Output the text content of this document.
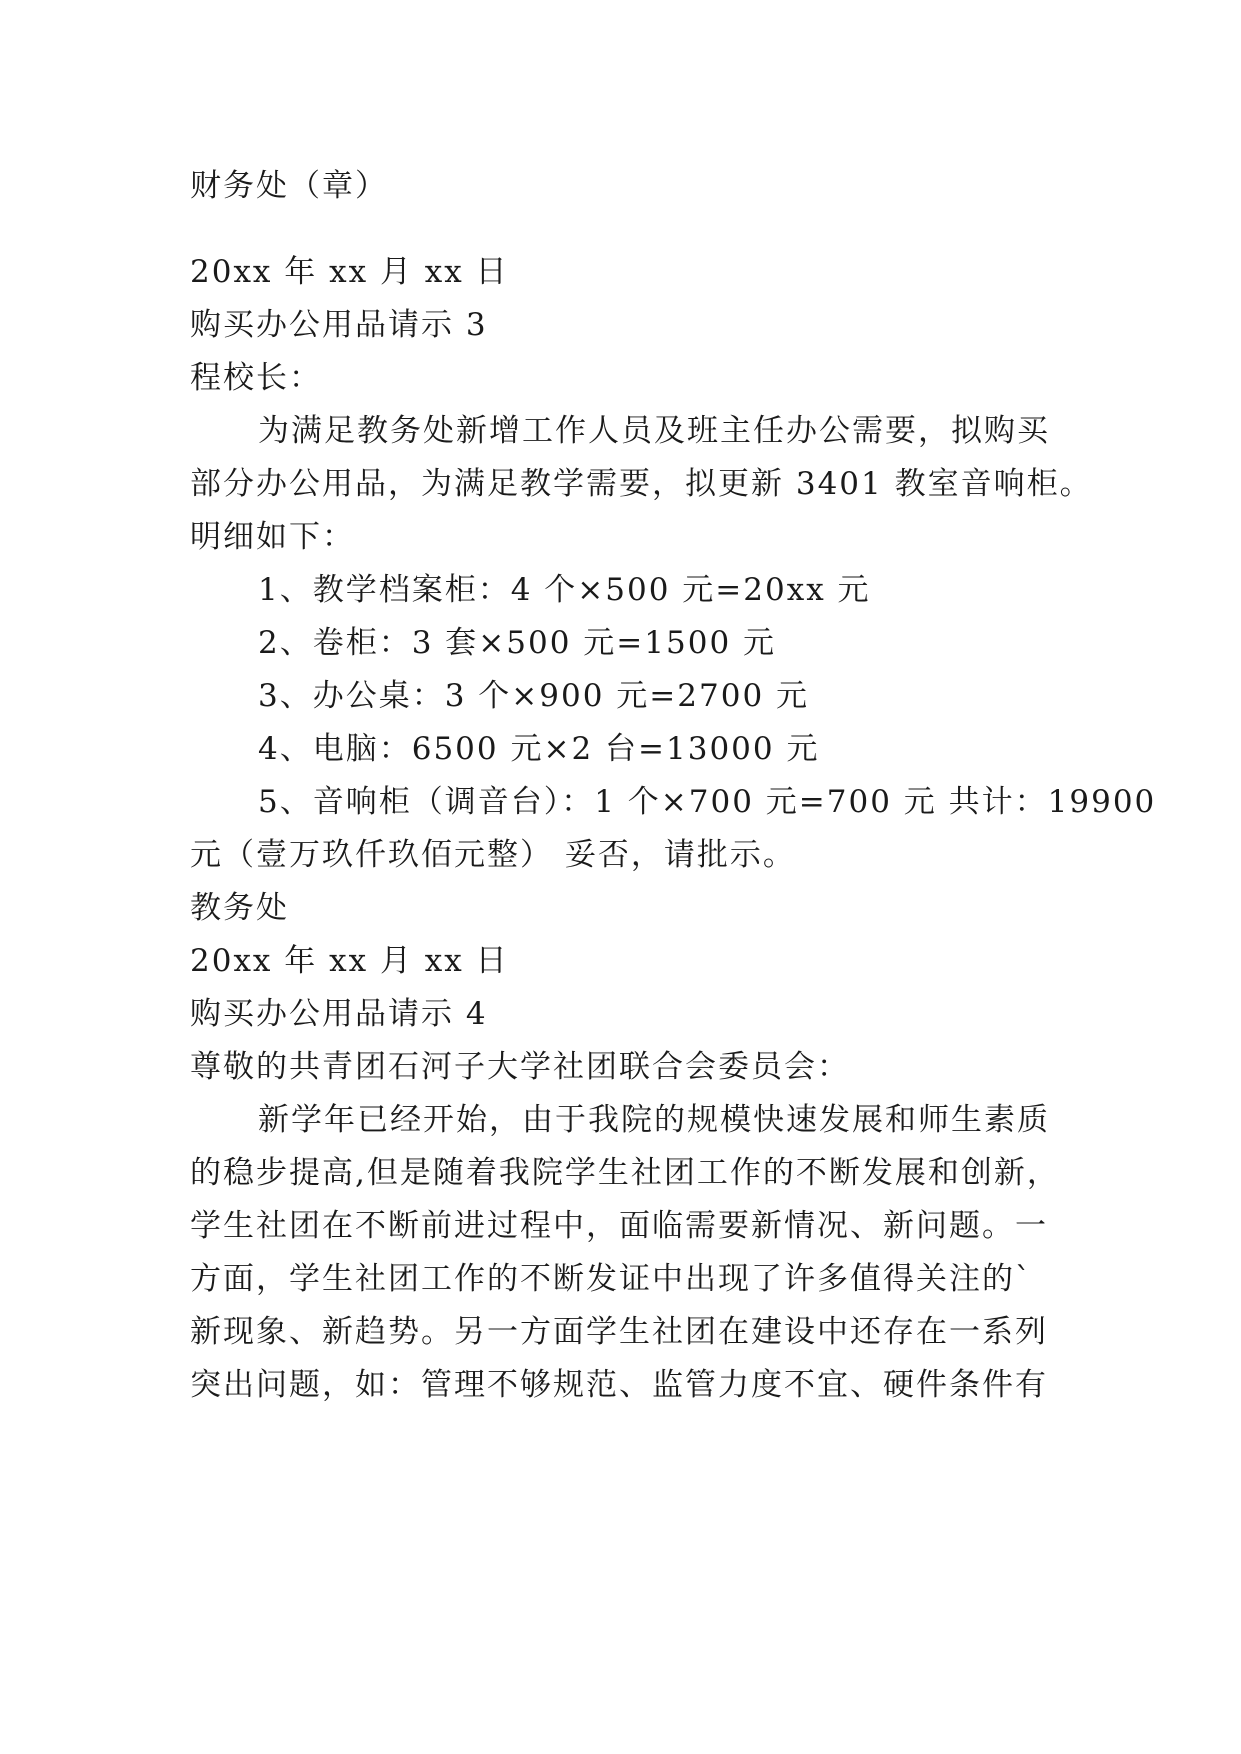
财务处（章）
20xx 年 xx 月 xx 日
购买办公用品请示 3
程校长：
为满足教务处新增工作人员及班主任办公需要，拟购买
部分办公用品，为满足教学需要，拟更新 3401 教室音响柜。
明细如下：
1、教学档案柜：4 个×500 元=20xx 元
2、卷柜：3 套×500 元=1500 元
3、办公桌：3 个×900 元=2700 元
4、电脑：6500 元×2 台=13000 元
5、音响柜（调音台）：1 个×700 元=700 元 共计：19900
元（壹万玖仟玖佰元整） 妥否，请批示。
教务处
20xx 年 xx 月 xx 日
购买办公用品请示 4
尊敬的共青团石河子大学社团联合会委员会：
新学年已经开始，由于我院的规模快速发展和师生素质
的稳步提高,但是随着我院学生社团工作的不断发展和创新，
学生社团在不断前进过程中，面临需要新情况、新问题。一
方面，学生社团工作的不断发证中出现了许多值得关注的`
新现象、新趋势。另一方面学生社团在建设中还存在一系列
突出问题，如：管理不够规范、监管力度不宜、硬件条件有
